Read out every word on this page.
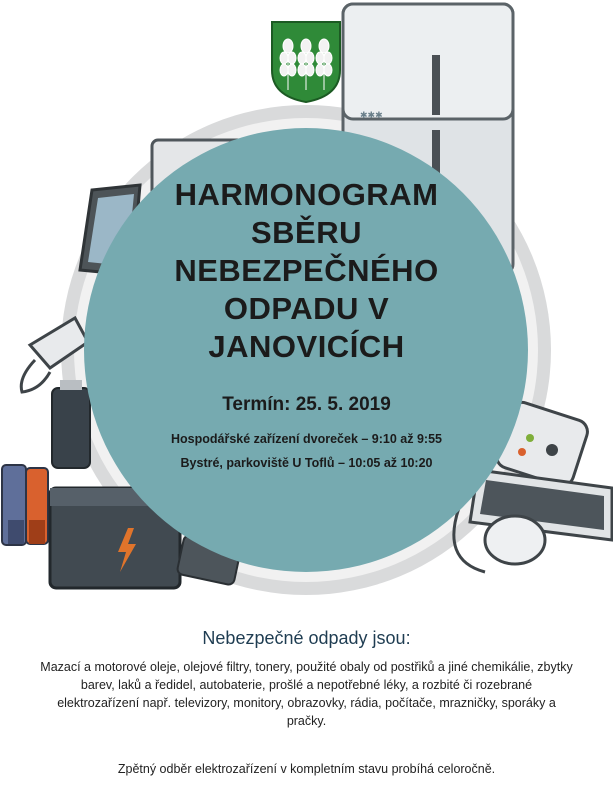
✱✱✱
HARMONOGRAM
SBĚRU
NEBEZPEČNÉHO
ODPADU V
JANOVICÍCH
Termín: 25. 5. 2019
Hospodářské zařízení dvoreček – 9:10 až 9:55
Bystré, parkoviště U Toflů – 10:05 až 10:20
Nebezpečné odpady jsou:
Mazací a motorové oleje, olejové filtry, tonery, použité obaly od postřiků a jiné chemikálie, zbytky barev, laků a ředidel, autobaterie, prošlé a nepotřebné léky, a rozbité či rozebrané elektrozařízení např. televizory, monitory, obrazovky, rádia, počítače, mrazničky, sporáky a pračky.
Zpětný odběr elektrozařízení v kompletním stavu probíhá celoročně.
